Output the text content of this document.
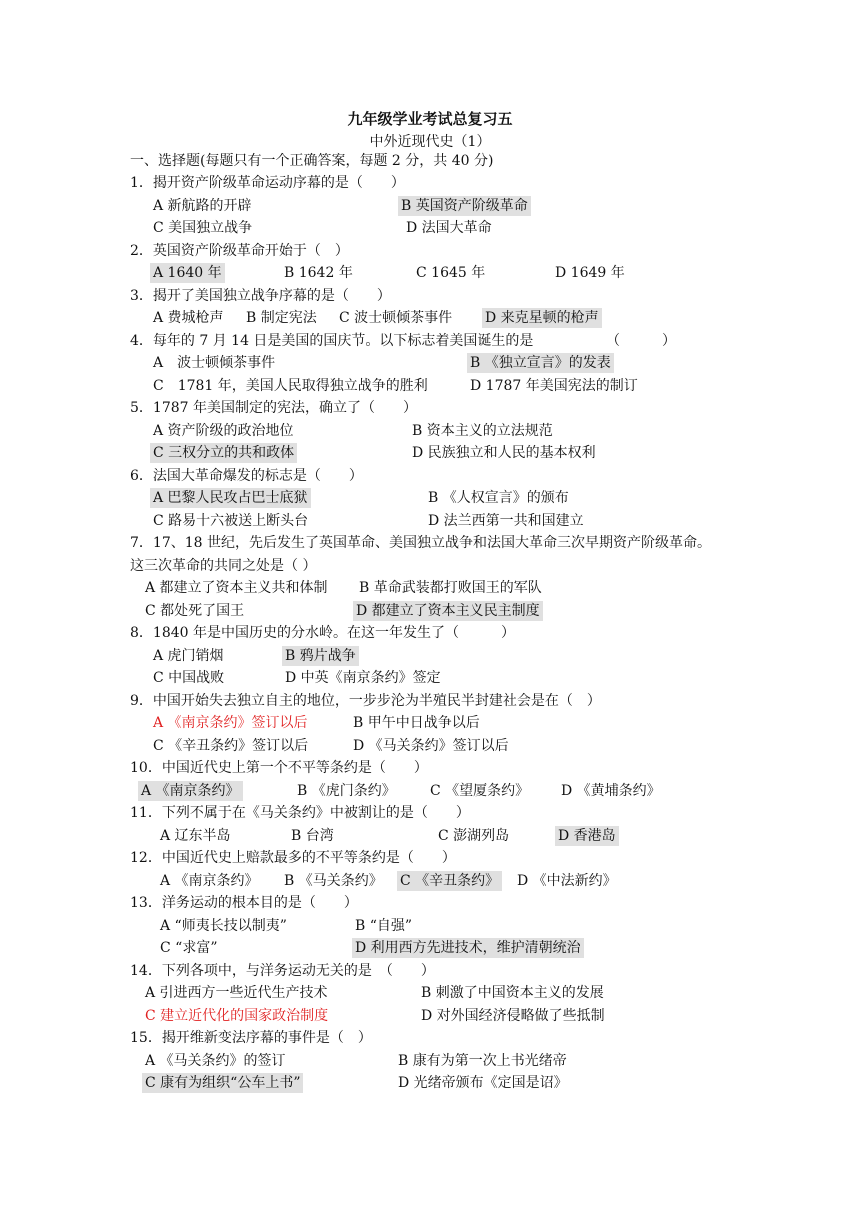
九年级学业考试总复习五
中外近现代史（1）
一、选择题(每题只有一个正确答案，每题 2 分，共 40 分)
1．揭开资产阶级革命运动序幕的是（　　）
A 新航路的开辟	B 英国资产阶级革命
C 美国独立战争	D 法国大革命
2．英国资产阶级革命开始于（　）
A 1640 年	B 1642 年	C 1645 年	D 1649 年
3．揭开了美国独立战争序幕的是（　　）
A 费城枪声 B 制定宪法 C 波士顿倾茶事件 D 来克星顿的枪声
4．每年的 7 月 14 日是美国的国庆节。以下标志着美国诞生的是	（　　　）
A　波士顿倾茶事件	B 《独立宣言》的发表
C　1781 年，美国人民取得独立战争的胜利	D 1787 年美国宪法的制订
5．1787 年美国制定的宪法，确立了（　　）
A 资产阶级的政治地位	B 资本主义的立法规范
C 三权分立的共和政体	D 民族独立和人民的基本权利
6．法国大革命爆发的标志是（　　）
A 巴黎人民攻占巴士底狱	B 《人权宣言》的颁布
C 路易十六被送上断头台	D 法兰西第一共和国建立
7．17、18 世纪，先后发生了英国革命、美国独立战争和法国大革命三次早期资产阶级革命。
这三次革命的共同之处是（ ）
A 都建立了资本主义共和体制 B 革命武装都打败国王的军队
C 都处死了国王	D 都建立了资本主义民主制度
8．1840 年是中国历史的分水岭。在这一年发生了（　　　）
A 虎门销烟	B 鸦片战争
C 中国战败	D 中英《南京条约》签定
9．中国开始失去独立自主的地位，一步步沦为半殖民半封建社会是在（　）
A 《南京条约》签订以后	B 甲午中日战争以后
C 《辛丑条约》签订以后	D 《马关条约》签订以后
10．中国近代史上第一个不平等条约是（　　）
A 《南京条约》	B 《虎门条约》 C 《望厦条约》 D 《黄埔条约》
11．下列不属于在《马关条约》中被割让的是（　　）
A 辽东半岛	B 台湾	C 澎湖列岛	D 香港岛
12．中国近代史上赔款最多的不平等条约是（　　）
A 《南京条约》 B 《马关条约》 C 《辛丑条约》 D 《中法新约》
13．洋务运动的根本目的是（　　）
A “师夷长技以制夷”	B “自强”
C “求富”	D 利用西方先进技术，维护清朝统治
14．下列各项中，与洋务运动无关的是　（　　）
A 引进西方一些近代生产技术	B 刺激了中国资本主义的发展
C 建立近代化的国家政治制度	D 对外国经济侵略做了些抵制
15．揭开维新变法序幕的事件是（　）
A 《马关条约》的签订	B 康有为第一次上书光绪帝
C 康有为组织“公车上书”	D 光绪帝颁布《定国是诏》
